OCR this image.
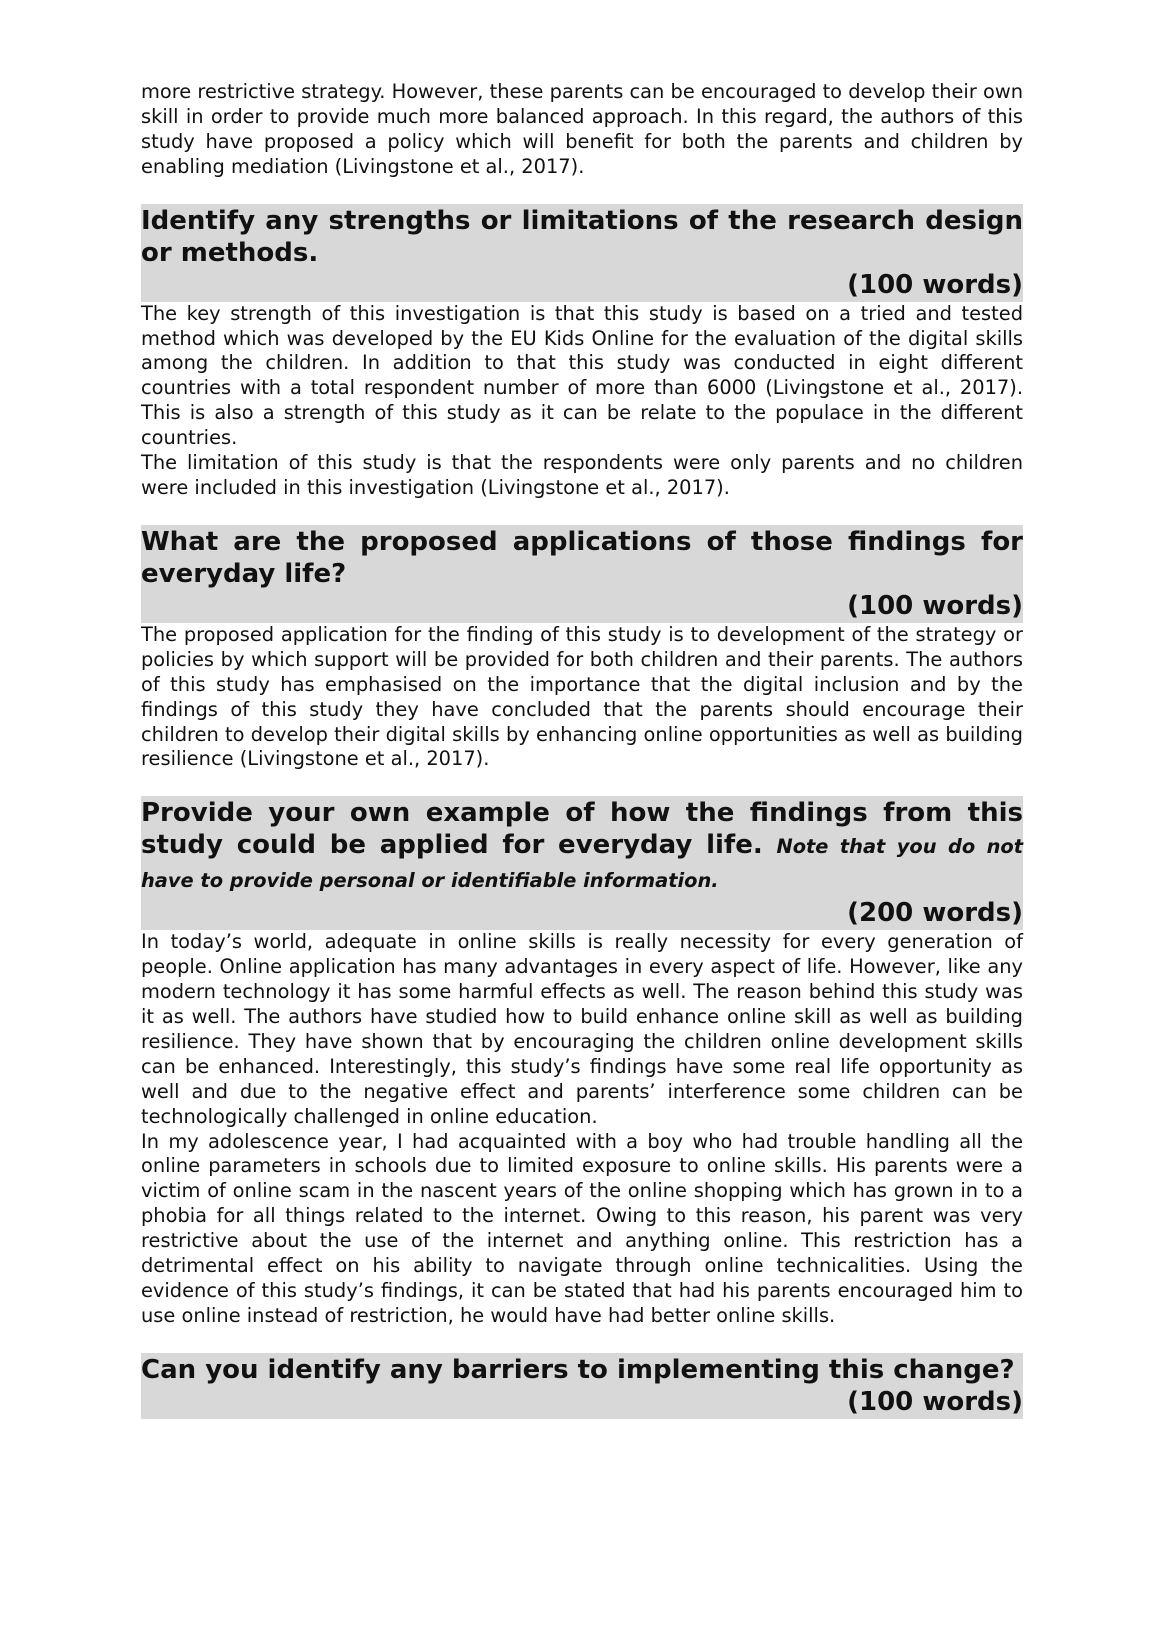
more restrictive strategy. However, these parents can be encouraged to develop their own skill in order to provide much more balanced approach. In this regard, the authors of this study have proposed a policy which will benefit for both the parents and children by enabling mediation (Livingstone et al., 2017).

Identify any strengths or limitations of the research design or methods.

(100 words)

The key strength of this investigation is that this study is based on a tried and tested method which was developed by the EU Kids Online for the evaluation of the digital skills among the children. In addition to that this study was conducted in eight different countries with a total respondent number of more than 6000 (Livingstone et al., 2017). This is also a strength of this study as it can be relate to the populace in the different countries.

The limitation of this study is that the respondents were only parents and no children were included in this investigation (Livingstone et al., 2017).

What are the proposed applications of those findings for everyday life?

(100 words)

The proposed application for the finding of this study is to development of the strategy or policies by which support will be provided for both children and their parents. The authors of this study has emphasised on the importance that the digital inclusion and by the findings of this study they have concluded that the parents should encourage their children to develop their digital skills by enhancing online opportunities as well as building resilience (Livingstone et al., 2017).

Provide your own example of how the findings from this study could be applied for everyday life. Note that you do not have to provide personal or identifiable information.

(200 words)

In today’s world, adequate in online skills is really necessity for every generation of people. Online application has many advantages in every aspect of life. However, like any modern technology it has some harmful effects as well. The reason behind this study was it as well. The authors have studied how to build enhance online skill as well as building resilience. They have shown that by encouraging the children online development skills can be enhanced. Interestingly, this study’s findings have some real life opportunity as well and due to the negative effect and parents’ interference some children can be technologically challenged in online education.

In my adolescence year, I had acquainted with a boy who had trouble handling all the online parameters in schools due to limited exposure to online skills. His parents were a victim of online scam in the nascent years of the online shopping which has grown in to a phobia for all things related to the internet. Owing to this reason, his parent was very restrictive about the use of the internet and anything online. This restriction has a detrimental effect on his ability to navigate through online technicalities. Using the evidence of this study’s findings, it can be stated that had his parents encouraged him to use online instead of restriction, he would have had better online skills.

Can you identify any barriers to implementing this change?

(100 words)
